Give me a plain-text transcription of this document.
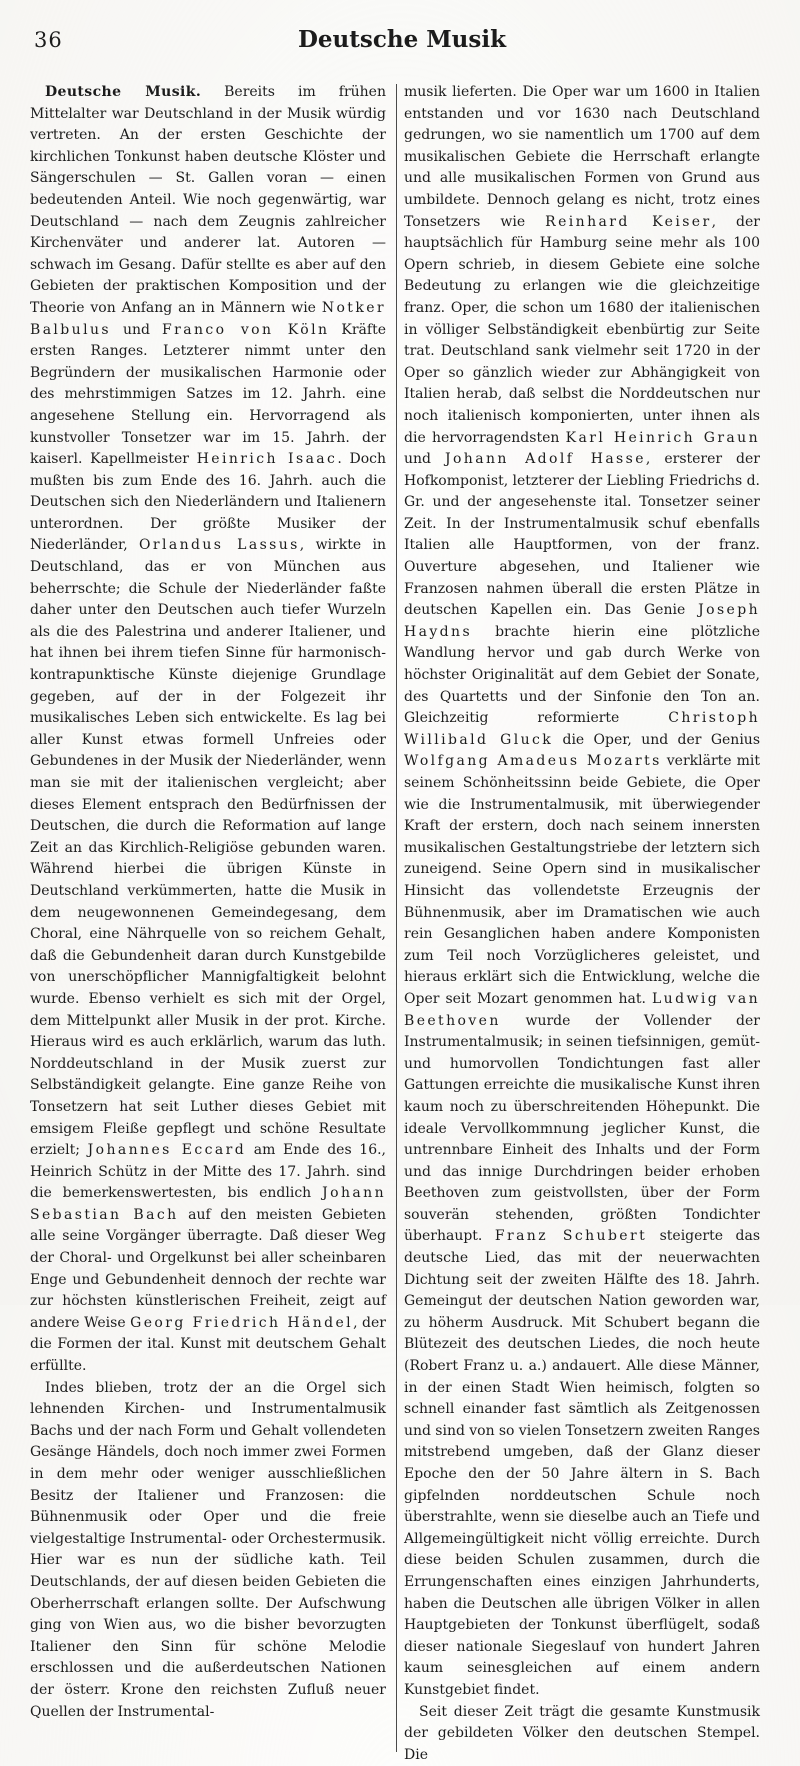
36	Deutsche Musik

Deutsche Musik. Bereits im frühen Mittelalter war Deutschland in der Musik würdig vertreten. An der ersten Geschichte der kirchlichen Tonkunst haben deutsche Klöster und Sängerschulen — St. Gallen voran — einen bedeutenden Anteil. Wie noch gegenwärtig, war Deutschland — nach dem Zeugnis zahlreicher Kirchenväter und anderer lat. Autoren — schwach im Gesang. Dafür stellte es aber auf den Gebieten der praktischen Komposition und der Theorie von Anfang an in Männern wie Notker Balbulus und Franco von Köln Kräfte ersten Ranges. Letzterer nimmt unter den Begründern der musikalischen Harmonie oder des mehrstimmigen Satzes im 12. Jahrh. eine angesehene Stellung ein. Hervorragend als kunstvoller Tonsetzer war im 15. Jahrh. der kaiserl. Kapellmeister Heinrich Isaac. Doch mußten bis zum Ende des 16. Jahrh. auch die Deutschen sich den Niederländern und Italienern unterordnen. Der größte Musiker der Niederländer, Orlandus Lassus, wirkte in Deutschland, das er von München aus beherrschte; die Schule der Niederländer faßte daher unter den Deutschen auch tiefer Wurzeln als die des Palestrina und anderer Italiener, und hat ihnen bei ihrem tiefen Sinne für harmonisch-kontrapunktische Künste diejenige Grundlage gegeben, auf der in der Folgezeit ihr musikalisches Leben sich entwickelte. Es lag bei aller Kunst etwas formell Unfreies oder Gebundenes in der Musik der Niederländer, wenn man sie mit der italienischen vergleicht; aber dieses Element entsprach den Bedürfnissen der Deutschen, die durch die Reformation auf lange Zeit an das Kirchlich-Religiöse gebunden waren. Während hierbei die übrigen Künste in Deutschland verkümmerten, hatte die Musik in dem neugewonnenen Gemeindegesang, dem Choral, eine Nährquelle von so reichem Gehalt, daß die Gebundenheit daran durch Kunstgebilde von unerschöpflicher Mannigfaltigkeit belohnt wurde. Ebenso verhielt es sich mit der Orgel, dem Mittelpunkt aller Musik in der prot. Kirche. Hieraus wird es auch erklärlich, warum das luth. Norddeutschland in der Musik zuerst zur Selbständigkeit gelangte. Eine ganze Reihe von Tonsetzern hat seit Luther dieses Gebiet mit emsigem Fleiße gepflegt und schöne Resultate erzielt; Johannes Eccard am Ende des 16., Heinrich Schütz in der Mitte des 17. Jahrh. sind die bemerkenswertesten, bis endlich Johann Sebastian Bach auf den meisten Gebieten alle seine Vorgänger überragte. Daß dieser Weg der Choral- und Orgelkunst bei aller scheinbaren Enge und Gebundenheit dennoch der rechte war zur höchsten künstlerischen Freiheit, zeigt auf andere Weise Georg Friedrich Händel, der die Formen der ital. Kunst mit deutschem Gehalt erfüllte.

Indes blieben, trotz der an die Orgel sich lehnenden Kirchen- und Instrumentalmusik Bachs und der nach Form und Gehalt vollendeten Gesänge Händels, doch noch immer zwei Formen in dem mehr oder weniger ausschließlichen Besitz der Italiener und Franzosen: die Bühnenmusik oder Oper und die freie vielgestaltige Instrumental- oder Orchestermusik. Hier war es nun der südliche kath. Teil Deutschlands, der auf diesen beiden Gebieten die Oberherrschaft erlangen sollte. Der Aufschwung ging von Wien aus, wo die bisher bevorzugten Italiener den Sinn für schöne Melodie erschlossen und die außerdeutschen Nationen der österr. Krone den reichsten Zufluß neuer Quellen der Instrumental-

musik lieferten. Die Oper war um 1600 in Italien entstanden und vor 1630 nach Deutschland gedrungen, wo sie namentlich um 1700 auf dem musikalischen Gebiete die Herrschaft erlangte und alle musikalischen Formen von Grund aus umbildete. Dennoch gelang es nicht, trotz eines Tonsetzers wie Reinhard Keiser, der hauptsächlich für Hamburg seine mehr als 100 Opern schrieb, in diesem Gebiete eine solche Bedeutung zu erlangen wie die gleichzeitige franz. Oper, die schon um 1680 der italienischen in völliger Selbständigkeit ebenbürtig zur Seite trat. Deutschland sank vielmehr seit 1720 in der Oper so gänzlich wieder zur Abhängigkeit von Italien herab, daß selbst die Norddeutschen nur noch italienisch komponierten, unter ihnen als die hervorragendsten Karl Heinrich Graun und Johann Adolf Hasse, ersterer der Hofkomponist, letzterer der Liebling Friedrichs d. Gr. und der angesehenste ital. Tonsetzer seiner Zeit. In der Instrumentalmusik schuf ebenfalls Italien alle Hauptformen, von der franz. Ouverture abgesehen, und Italiener wie Franzosen nahmen überall die ersten Plätze in deutschen Kapellen ein. Das Genie Joseph Haydns brachte hierin eine plötzliche Wandlung hervor und gab durch Werke von höchster Originalität auf dem Gebiet der Sonate, des Quartetts und der Sinfonie den Ton an. Gleichzeitig reformierte Christoph Willibald Gluck die Oper, und der Genius Wolfgang Amadeus Mozarts verklärte mit seinem Schönheitssinn beide Gebiete, die Oper wie die Instrumentalmusik, mit überwiegender Kraft der erstern, doch nach seinem innersten musikalischen Gestaltungstriebe der letztern sich zuneigend. Seine Opern sind in musikalischer Hinsicht das vollendetste Erzeugnis der Bühnenmusik, aber im Dramatischen wie auch rein Gesanglichen haben andere Komponisten zum Teil noch Vorzüglicheres geleistet, und hieraus erklärt sich die Entwicklung, welche die Oper seit Mozart genommen hat. Ludwig van Beethoven wurde der Vollender der Instrumentalmusik; in seinen tiefsinnigen, gemüt- und humorvollen Tondichtungen fast aller Gattungen erreichte die musikalische Kunst ihren kaum noch zu überschreitenden Höhepunkt. Die ideale Vervollkommnung jeglicher Kunst, die untrennbare Einheit des Inhalts und der Form und das innige Durchdringen beider erhoben Beethoven zum geistvollsten, über der Form souverän stehenden, größten Tondichter überhaupt. Franz Schubert steigerte das deutsche Lied, das mit der neuerwachten Dichtung seit der zweiten Hälfte des 18. Jahrh. Gemeingut der deutschen Nation geworden war, zu höherm Ausdruck. Mit Schubert begann die Blütezeit des deutschen Liedes, die noch heute (Robert Franz u. a.) andauert. Alle diese Männer, in der einen Stadt Wien heimisch, folgten so schnell einander fast sämtlich als Zeitgenossen und sind von so vielen Tonsetzern zweiten Ranges mitstrebend umgeben, daß der Glanz dieser Epoche den der 50 Jahre ältern in S. Bach gipfelnden norddeutschen Schule noch überstrahlte, wenn sie dieselbe auch an Tiefe und Allgemeingültigkeit nicht völlig erreichte. Durch diese beiden Schulen zusammen, durch die Errungenschaften eines einzigen Jahrhunderts, haben die Deutschen alle übrigen Völker in allen Hauptgebieten der Tonkunst überflügelt, sodaß dieser nationale Siegeslauf von hundert Jahren kaum seinesgleichen auf einem andern Kunstgebiet findet.

Seit dieser Zeit trägt die gesamte Kunstmusik der gebildeten Völker den deutschen Stempel. Die
